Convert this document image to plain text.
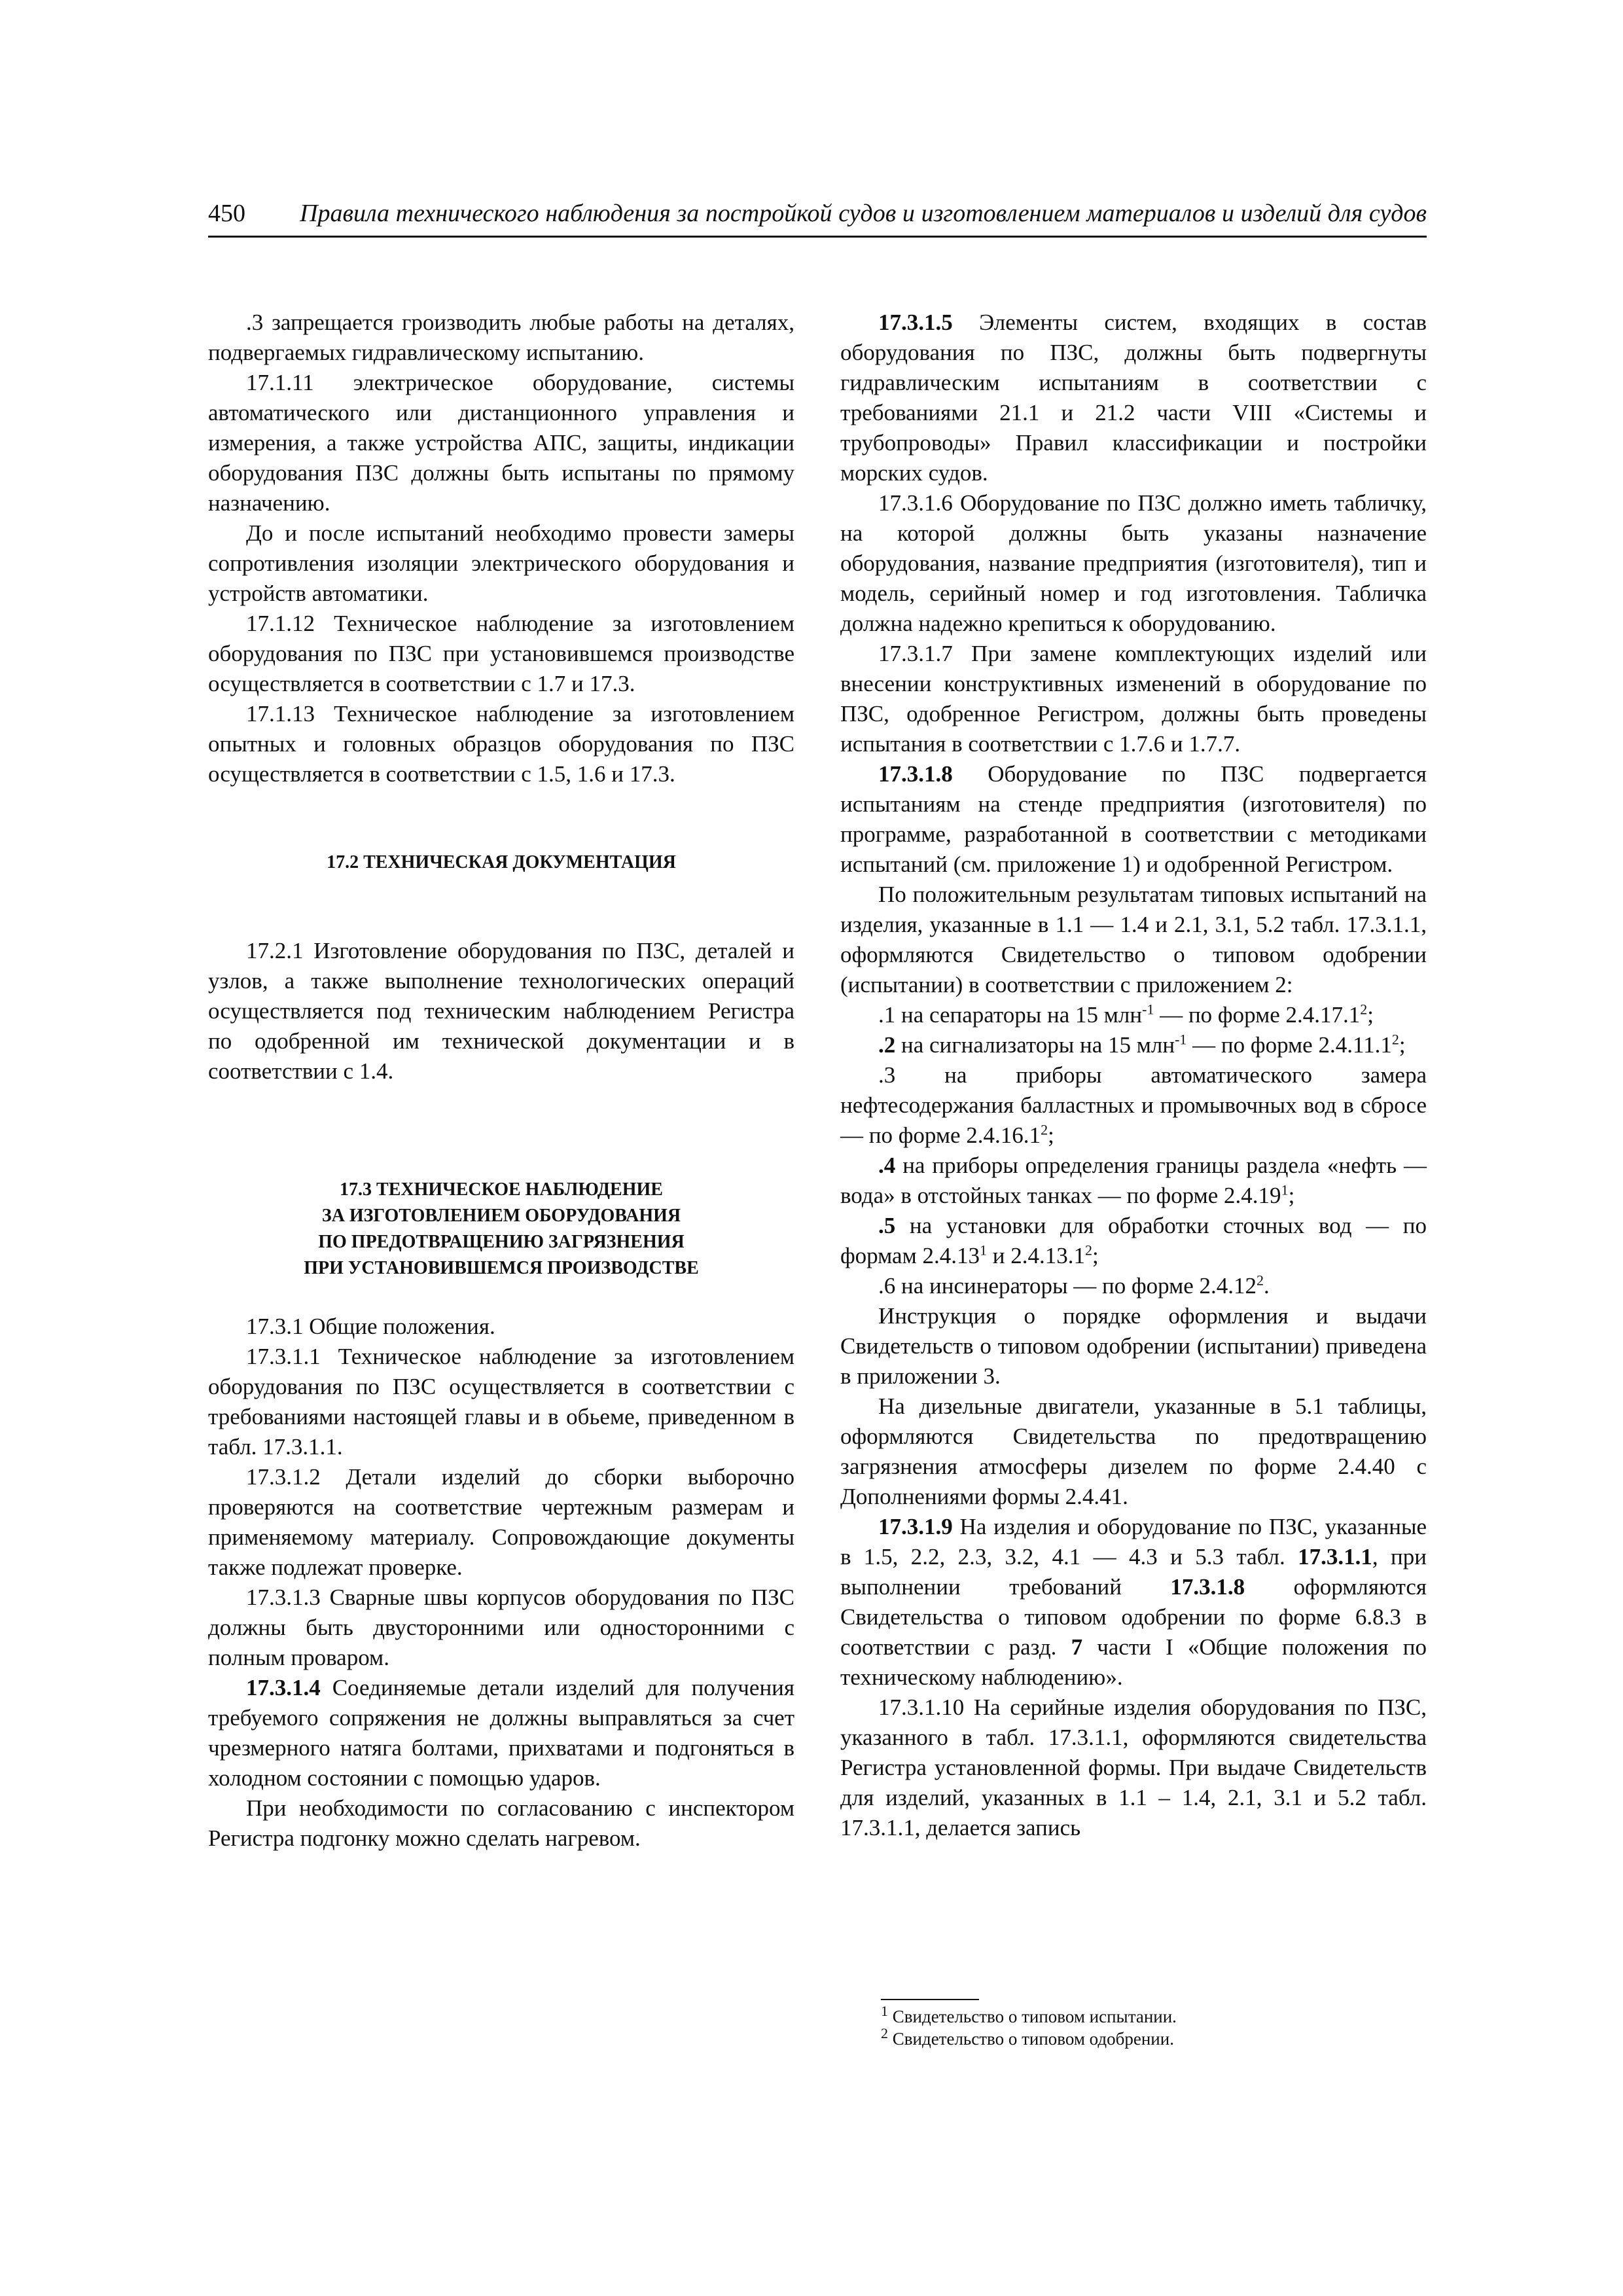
450 Правила технического наблюдения за постройкой судов и изготовлением материалов и изделий для судов

.3 запрещается гроизводить любые работы на деталях, подвергаемых гидравлическому испытанию.

17.1.11 электрическое оборудование, системы автоматического или дистанционного управления и измерения, а также устройства АПС, защиты, индикации оборудования ПЗС должны быть испытаны по прямому назначению.

До и после испытаний необходимо провести замеры сопротивления изоляции электрического оборудования и устройств автоматики.

17.1.12 Техническое наблюдение за изготовлением оборудования по ПЗС при установившемся производстве осуществляется в соответствии с 1.7 и 17.3.

17.1.13 Техническое наблюдение за изготовлением опытных и головных образцов оборудования по ПЗС осуществляется в соответствии с 1.5, 1.6 и 17.3.

17.2 ТЕХНИЧЕСКАЯ ДОКУМЕНТАЦИЯ

17.2.1 Изготовление оборудования по ПЗС, деталей и узлов, а также выполнение технологических операций осуществляется под техническим наблюдением Регистра по одобренной им технической документации и в соответствии с 1.4.

17.3 ТЕХНИЧЕСКОЕ НАБЛЮДЕНИЕ
ЗА ИЗГОТОВЛЕНИЕМ ОБОРУДОВАНИЯ
ПО ПРЕДОТВРАЩЕНИЮ ЗАГРЯЗНЕНИЯ
ПРИ УСТАНОВИВШЕМСЯ ПРОИЗВОДСТВЕ

17.3.1 Общие положения.

17.3.1.1 Техническое наблюдение за изготовлением оборудования по ПЗС осуществляется в соответствии с требованиями настоящей главы и в обьеме, приведенном в табл. 17.3.1.1.

17.3.1.2 Детали изделий до сборки выборочно проверяются на соответствие чертежным размерам и применяемому материалу. Сопровождающие документы также подлежат проверке.

17.3.1.3 Сварные швы корпусов оборудования по ПЗС должны быть двусторонними или односторонними с полным проваром.

17.3.1.4 Соединяемые детали изделий для получения требуемого сопряжения не должны выправляться за счет чрезмерного натяга болтами, прихватами и подгоняться в холодном состоянии с помощью ударов.

При необходимости по согласованию с инспектором Регистра подгонку можно сделать нагревом.

17.3.1.5 Элементы систем, входящих в состав оборудования по ПЗС, должны быть подвергнуты гидравлическим испытаниям в соответствии с требованиями 21.1 и 21.2 части VIII «Системы и трубопроводы» Правил классификации и постройки морских судов.

17.3.1.6 Оборудование по ПЗС должно иметь табличку, на которой должны быть указаны назначение оборудования, название предприятия (изготовителя), тип и модель, серийный номер и год изготовления. Табличка должна надежно крепиться к оборудованию.

17.3.1.7 При замене комплектующих изделий или внесении конструктивных изменений в оборудование по ПЗС, одобренное Регистром, должны быть проведены испытания в соответствии с 1.7.6 и 1.7.7.

17.3.1.8 Оборудование по ПЗС подвергается испытаниям на стенде предприятия (изготовителя) по программе, разработанной в соответствии с методиками испытаний (см. приложение 1) и одобренной Регистром.

По положительным результатам типовых испытаний на изделия, указанные в 1.1 — 1.4 и 2.1, 3.1, 5.2 табл. 17.3.1.1, оформляются Свидетельство о типовом одобрении (испытании) в соответствии с приложением 2:

.1 на сепараторы на 15 млн$^{-1}$ — по форме 2.4.17.1$^2$;

.2 на сигнализаторы на 15 млн$^{-1}$ — по форме 2.4.11.1$^2$;

.3 на приборы автоматического замера нефтесодержания балластных и промывочных вод в сбросе — по форме 2.4.16.1$^2$;

.4 на приборы определения границы раздела «нефть — вода» в отстойных танках — по форме 2.4.19$^1$;

.5 на установки для обработки сточных вод — по формам 2.4.13$^1$ и 2.4.13.1$^2$;

.6 на инсинераторы — по форме 2.4.12$^2$.

Инструкция о порядке оформления и выдачи Свидетельств о типовом одобрении (испытании) приведена в приложении 3.

На дизельные двигатели, указанные в 5.1 таблицы, оформляются Свидетельства по предотвращению загрязнения атмосферы дизелем по форме 2.4.40 с Дополнениями формы 2.4.41.

17.3.1.9 На изделия и оборудование по ПЗС, указанные в 1.5, 2.2, 2.3, 3.2, 4.1 — 4.3 и 5.3 табл. 17.3.1.1, при выполнении требований 17.3.1.8 оформляются Свидетельства о типовом одобрении по форме 6.8.3 в соответствии с разд. 7 части I «Общие положения по техническому наблюдению».

17.3.1.10 На серийные изделия оборудования по ПЗС, указанного в табл. 17.3.1.1, оформляются свидетельства Регистра установленной формы. При выдаче Свидетельств для изделий, указанных в 1.1 – 1.4, 2.1, 3.1 и 5.2 табл. 17.3.1.1, делается запись

$^1$ Свидетельство о типовом испытании.
$^2$ Свидетельство о типовом одобрении.
